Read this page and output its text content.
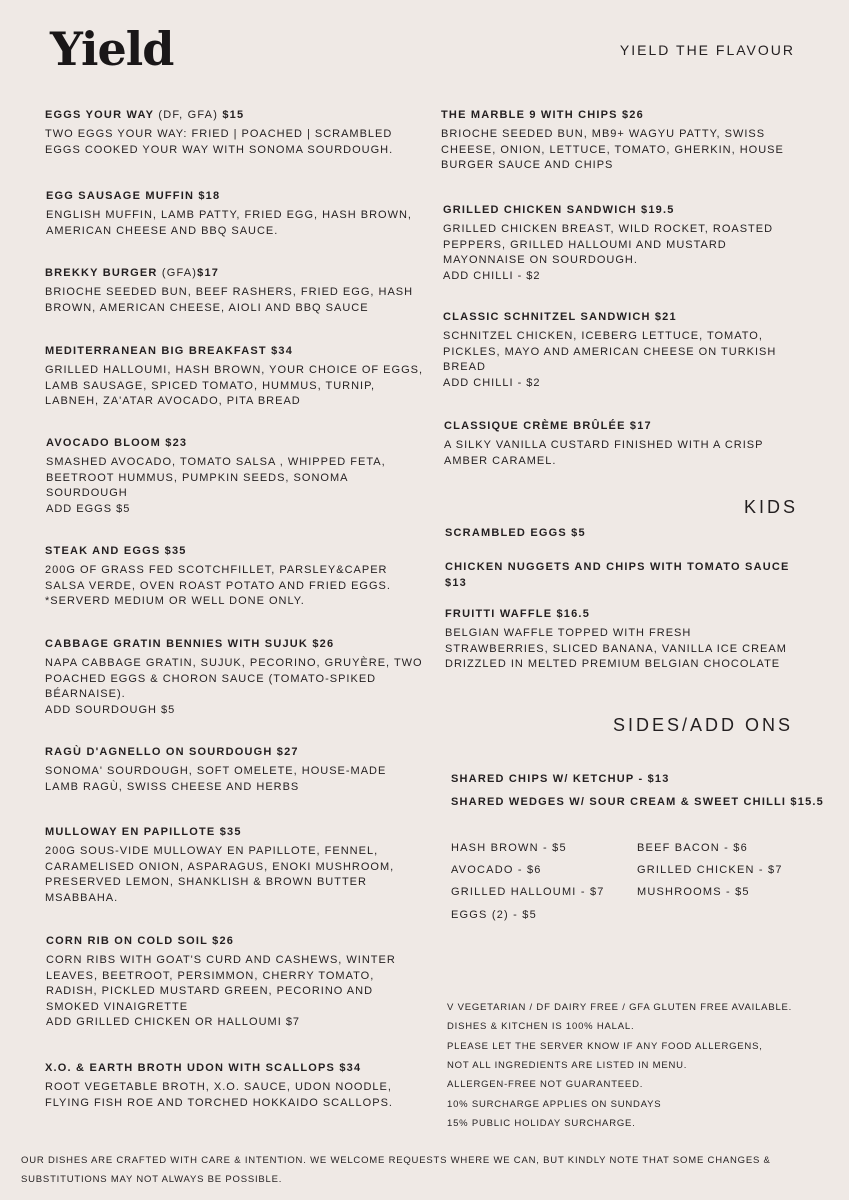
Yield	YIELD THE FLAVOUR
KIDS
SIDES/ADD ONS
SHARED CHIPS W/ KETCHUP - $13
SHARED WEDGES W/ SOUR CREAM & SWEET CHILLI $15.5
HASH BROWN - $5
AVOCADO - $6
GRILLED HALLOUMI - $7
EGGS (2) - $5
BEEF BACON - $6
GRILLED CHICKEN - $7
MUSHROOMS - $5
V VEGETARIAN / DF DAIRY FREE / GFA GLUTEN FREE AVAILABLE.
DISHES & KITCHEN IS 100% HALAL.
PLEASE LET THE SERVER KNOW IF ANY FOOD ALLERGENS,
NOT ALL INGREDIENTS ARE LISTED IN MENU.
ALLERGEN-FREE NOT GUARANTEED.
10% SURCHARGE APPLIES ON SUNDAYS
15% PUBLIC HOLIDAY SURCHARGE.
OUR DISHES ARE CRAFTED WITH CARE & INTENTION. WE WELCOME REQUESTS WHERE WE CAN, BUT KINDLY NOTE THAT SOME CHANGES & SUBSTITUTIONS MAY NOT ALWAYS BE POSSIBLE.
EGGS YOUR WAY (DF, GFA) $15
TWO EGGS YOUR WAY: FRIED | POACHED | SCRAMBLED
EGGS COOKED YOUR WAY WITH SONOMA SOURDOUGH.
EGG SAUSAGE MUFFIN $18
ENGLISH MUFFIN, LAMB PATTY, FRIED EGG, HASH BROWN,
AMERICAN CHEESE AND BBQ SAUCE.
BREKKY BURGER (GFA)$17
BRIOCHE SEEDED BUN, BEEF RASHERS, FRIED EGG, HASH
BROWN, AMERICAN CHEESE, AIOLI AND BBQ SAUCE
MEDITERRANEAN BIG BREAKFAST $34
GRILLED HALLOUMI, HASH BROWN, YOUR CHOICE OF EGGS,
LAMB SAUSAGE, SPICED TOMATO, HUMMUS, TURNIP,
LABNEH, ZA'ATAR AVOCADO, PITA BREAD
AVOCADO BLOOM $23
SMASHED AVOCADO, TOMATO SALSA , WHIPPED FETA,
BEETROOT HUMMUS, PUMPKIN SEEDS, SONOMA
SOURDOUGH
ADD EGGS $5
STEAK AND EGGS $35
200G OF GRASS FED SCOTCHFILLET, PARSLEY&CAPER
SALSA VERDE, OVEN ROAST POTATO AND FRIED EGGS.
*SERVERD MEDIUM OR WELL DONE ONLY.
CABBAGE GRATIN BENNIES WITH SUJUK $26
NAPA CABBAGE GRATIN, SUJUK, PECORINO, GRUYÈRE, TWO
POACHED EGGS & CHORON SAUCE (TOMATO-SPIKED
BÉARNAISE).
ADD SOURDOUGH $5
RAGÙ D'AGNELLO ON SOURDOUGH $27
SONOMA' SOURDOUGH, SOFT OMELETE, HOUSE-MADE
LAMB RAGÙ, SWISS CHEESE AND HERBS
MULLOWAY EN PAPILLOTE $35
200G SOUS-VIDE MULLOWAY EN PAPILLOTE, FENNEL,
CARAMELISED ONION, ASPARAGUS, ENOKI MUSHROOM,
PRESERVED LEMON, SHANKLISH & BROWN BUTTER
MSABBAHA.
CORN RIB ON COLD SOIL $26
CORN RIBS WITH GOAT'S CURD AND CASHEWS, WINTER
LEAVES, BEETROOT, PERSIMMON, CHERRY TOMATO,
RADISH, PICKLED MUSTARD GREEN, PECORINO AND
SMOKED VINAIGRETTE
ADD GRILLED CHICKEN OR HALLOUMI $7
X.O. & EARTH BROTH UDON WITH SCALLOPS $34
ROOT VEGETABLE BROTH, X.O. SAUCE, UDON NOODLE,
FLYING FISH ROE AND TORCHED HOKKAIDO SCALLOPS.
THE MARBLE 9 WITH CHIPS $26
BRIOCHE SEEDED BUN, MB9+ WAGYU PATTY, SWISS
CHEESE, ONION, LETTUCE, TOMATO, GHERKIN, HOUSE
BURGER SAUCE AND CHIPS
GRILLED CHICKEN SANDWICH $19.5
GRILLED CHICKEN BREAST, WILD ROCKET, ROASTED
PEPPERS, GRILLED HALLOUMI AND MUSTARD
MAYONNAISE ON SOURDOUGH.
ADD CHILLI - $2
CLASSIC SCHNITZEL SANDWICH $21
SCHNITZEL CHICKEN, ICEBERG LETTUCE, TOMATO,
PICKLES, MAYO AND AMERICAN CHEESE ON TURKISH
BREAD
ADD CHILLI - $2
CLASSIQUE CRÈME BRÛLÉE $17
A SILKY VANILLA CUSTARD FINISHED WITH A CRISP
AMBER CARAMEL.
SCRAMBLED EGGS $5
CHICKEN NUGGETS AND CHIPS WITH TOMATO SAUCE
$13
FRUITTI WAFFLE $16.5
BELGIAN WAFFLE TOPPED WITH FRESH
STRAWBERRIES, SLICED BANANA, VANILLA ICE CREAM
DRIZZLED IN MELTED PREMIUM BELGIAN CHOCOLATE
